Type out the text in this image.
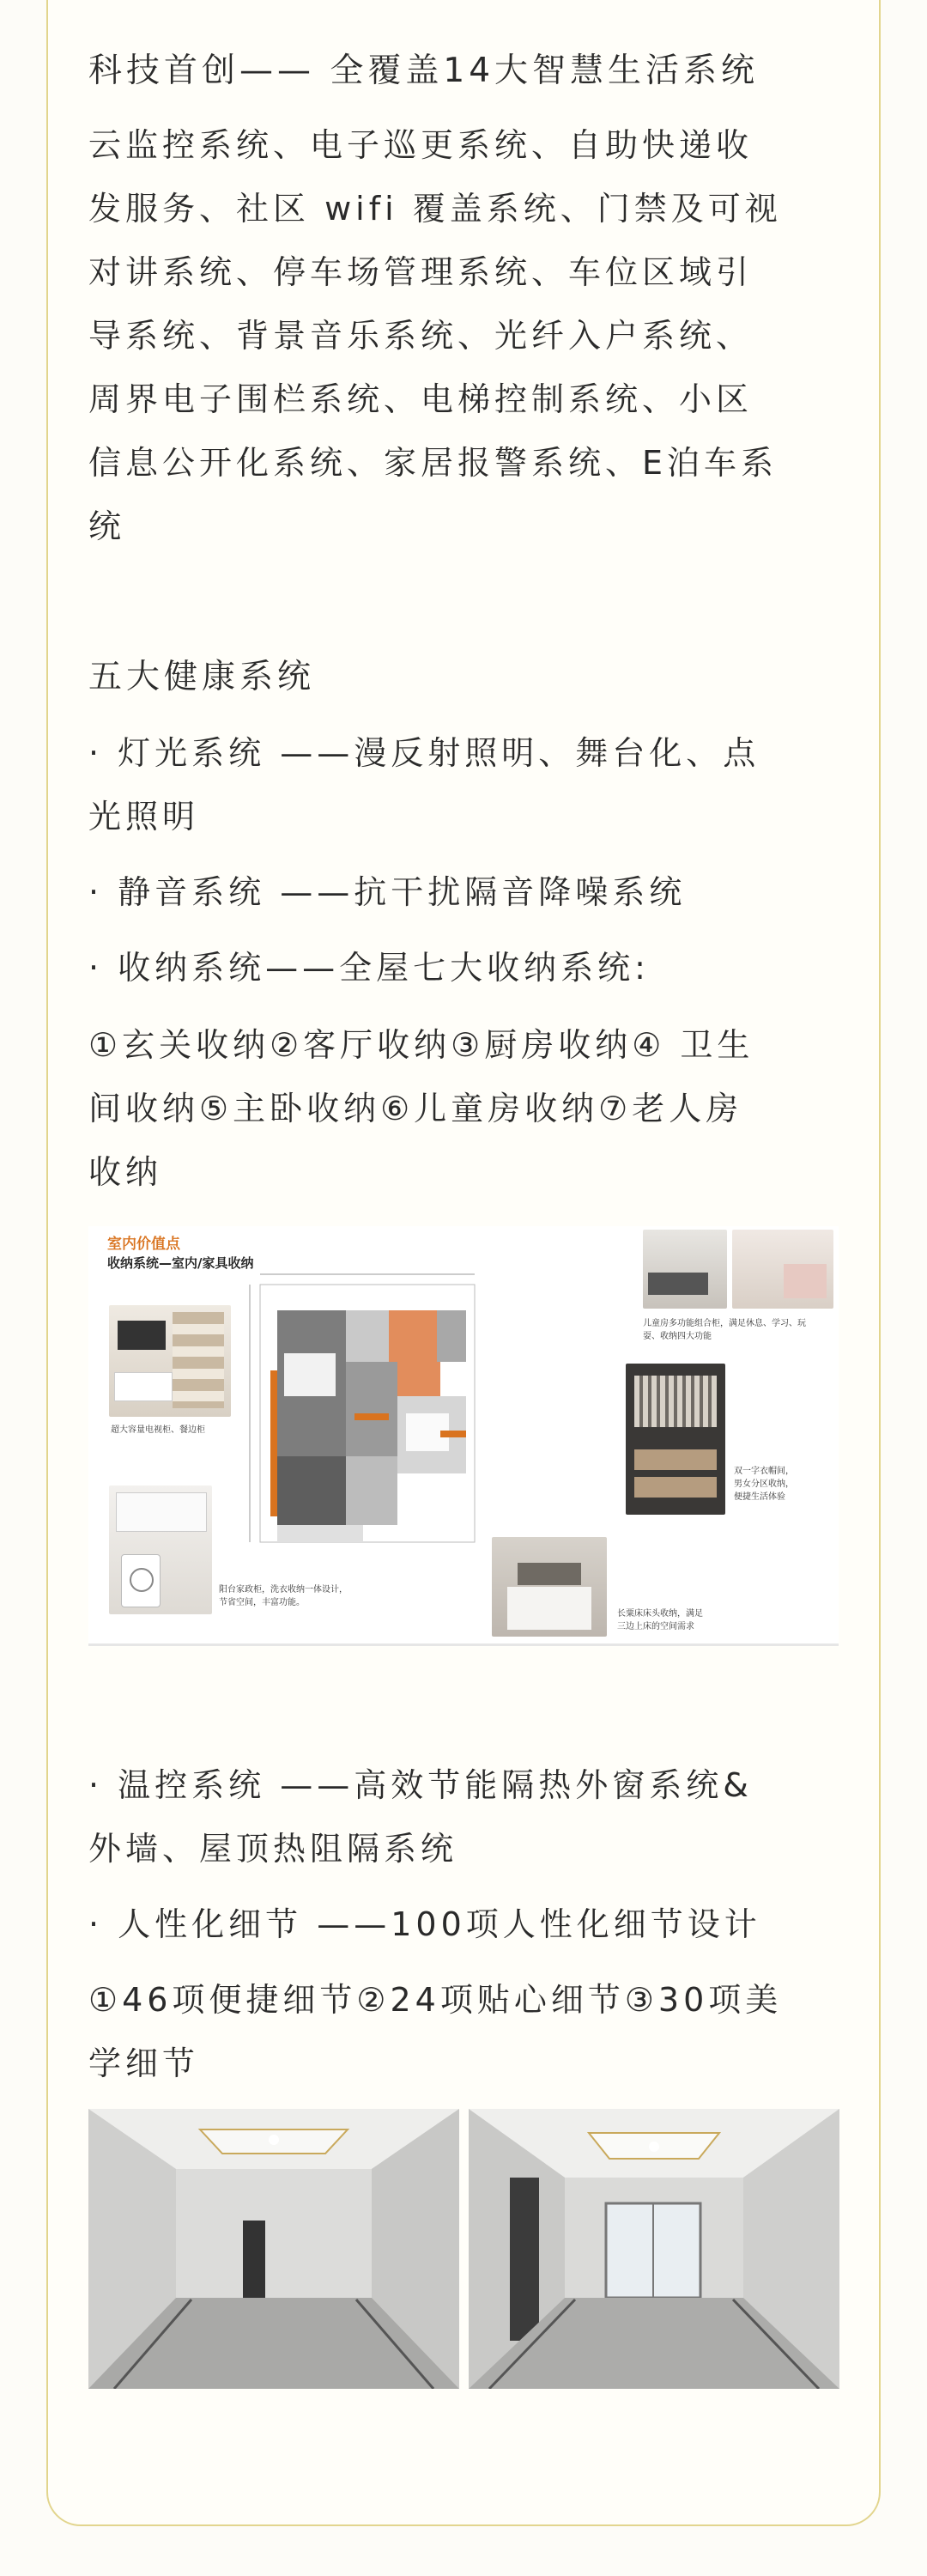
科技首创—— 全覆盖14大智慧生活系统

云监控系统、电子巡更系统、自助快递收

发服务、社区 wifi 覆盖系统、门禁及可视

对讲系统、停车场管理系统、车位区域引

导系统、背景音乐系统、光纤入户系统、

周界电子围栏系统、电梯控制系统、小区

信息公开化系统、家居报警系统、E泊车系

统

五大健康系统

· 灯光系统 ——漫反射照明、舞台化、点

光照明

· 静音系统 ——抗干扰隔音降噪系统

· 收纳系统——全屋七大收纳系统:

①玄关收纳②客厅收纳③厨房收纳④ 卫生

间收纳⑤主卧收纳⑥儿童房收纳⑦老人房

收纳

室内价值点
收纳系统—室内/家具收纳
超大容量电视柜、餐边柜
阳台家政柜，洗衣收纳一体设计，
节省空间，丰富功能。
儿童房多功能组合柜，满足休息、学习、玩
耍、收纳四大功能
双一字衣帽间，
男女分区收纳，
便捷生活体验
长粟床床头收纳，满足
三边上床的空间需求

· 温控系统 ——高效节能隔热外窗系统&

外墙、屋顶热阻隔系统

· 人性化细节 ——100项人性化细节设计

①46项便捷细节②24项贴心细节③30项美

学细节
